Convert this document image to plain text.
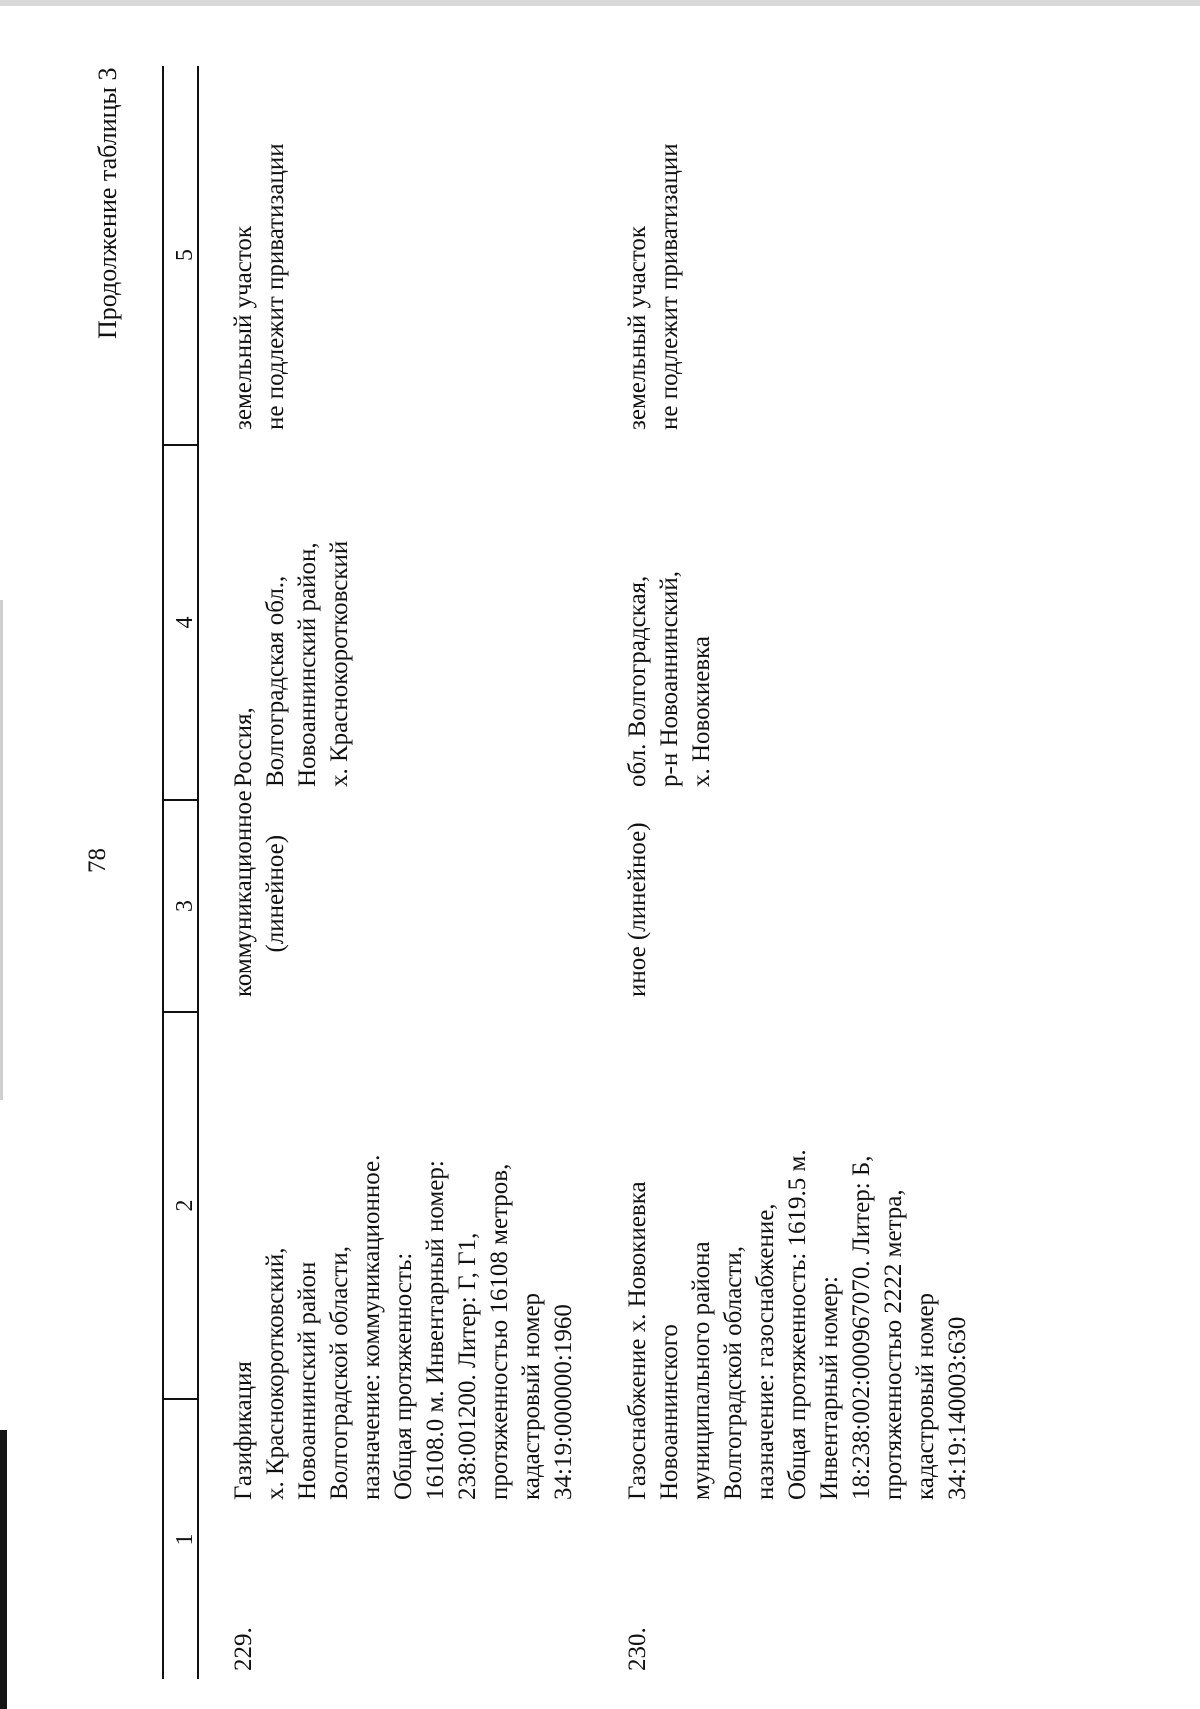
78
Продолжение таблицы 3
1
2
3
4
5
229.
Газификация х. Краснокоротковский, Новоаннинский район Волгоградской области, назначение: коммуникационное. Общая протяженность: 16108.0 м. Инвентарный номер: 238:001200. Литер: Г, Г1, протяженностью 16108 метров, кадастровый номер 34:19:000000:1960
коммуникационное (линейное)
Россия, Волгоградская обл., Новоаннинский район, х. Краснокоротковский
земельный участок не подлежит приватизации
230.
Газоснабжение х. Новокиевка Новоаннинского муниципального района Волгоградской области, назначение: газоснабжение, Общая протяженность: 1619.5 м. Инвентарный номер: 18:238:002:000967070. Литер: Б, протяженностью 2222 метра, кадастровый номер 34:19:140003:630
иное (линейное)
обл. Волгоградская, р-н Новоаннинский, х. Новокиевка
земельный участок не подлежит приватизации
